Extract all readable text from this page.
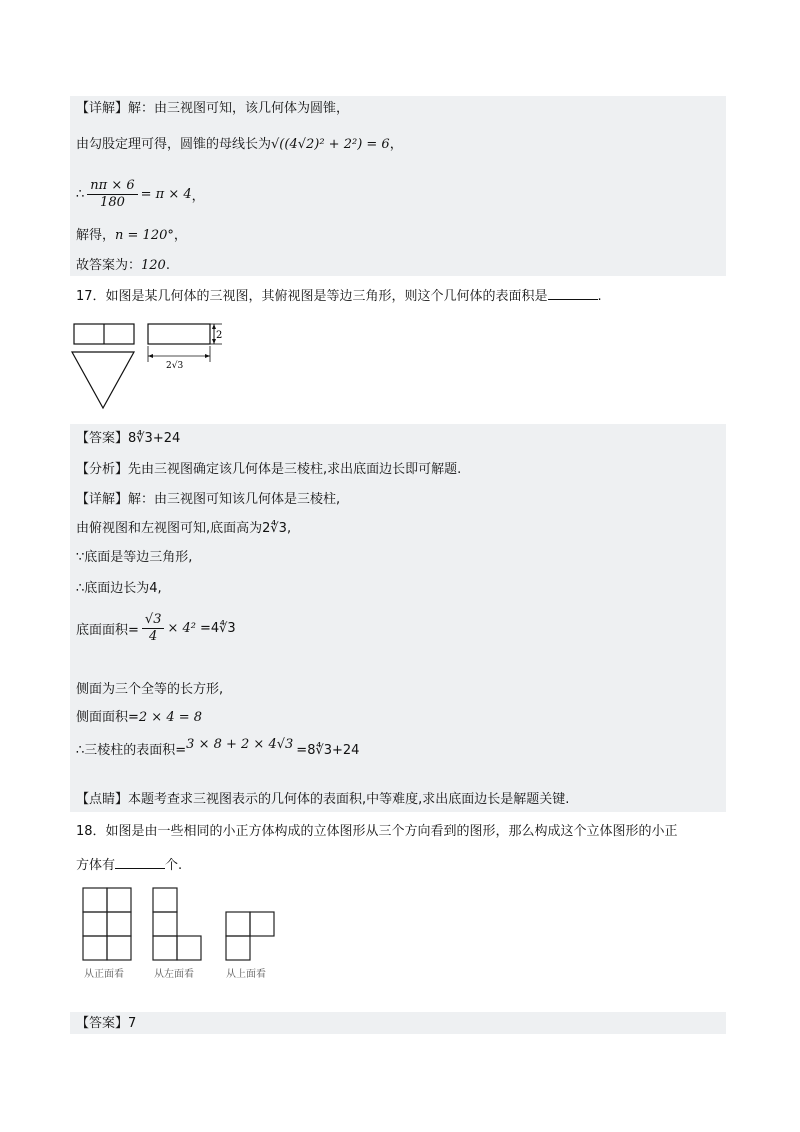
【详解】解：由三视图可知，该几何体为圆锥，
由勾股定理可得，圆锥的母线长为√((4√2)² + 2²) = 6，
∴ $\frac{n\pi \times 6}{180} = \pi \times 4$，
解得，n = 120°，
故答案为：120.
17．如图是某几何体的三视图，其俯视图是等边三角形，则这个几何体的表面积是	.
2
2√3
【答案】8∜3+24
【分析】先由三视图确定该几何体是三棱柱,求出底面边长即可解题.
【详解】解：由三视图可知该几何体是三棱柱,
由俯视图和左视图可知,底面高为2∜3,
∵底面是等边三角形,
∴底面边长为4,
底面面积= $\frac{√3}{4} \times 4^2$ =4∜3
侧面为三个全等的长方形,
侧面面积=2 × 4 = 8
∴三棱柱的表面积=3 × 8 + 2 × 4√3 =8∜3+24
【点睛】本题考查求三视图表示的几何体的表面积,中等难度,求出底面边长是解题关键.
18．如图是由一些相同的小正方体构成的立体图形从三个方向看到的图形，那么构成这个立体图形的小正
方体有	个.
从正面看	从左面看	从上面看
【答案】7
